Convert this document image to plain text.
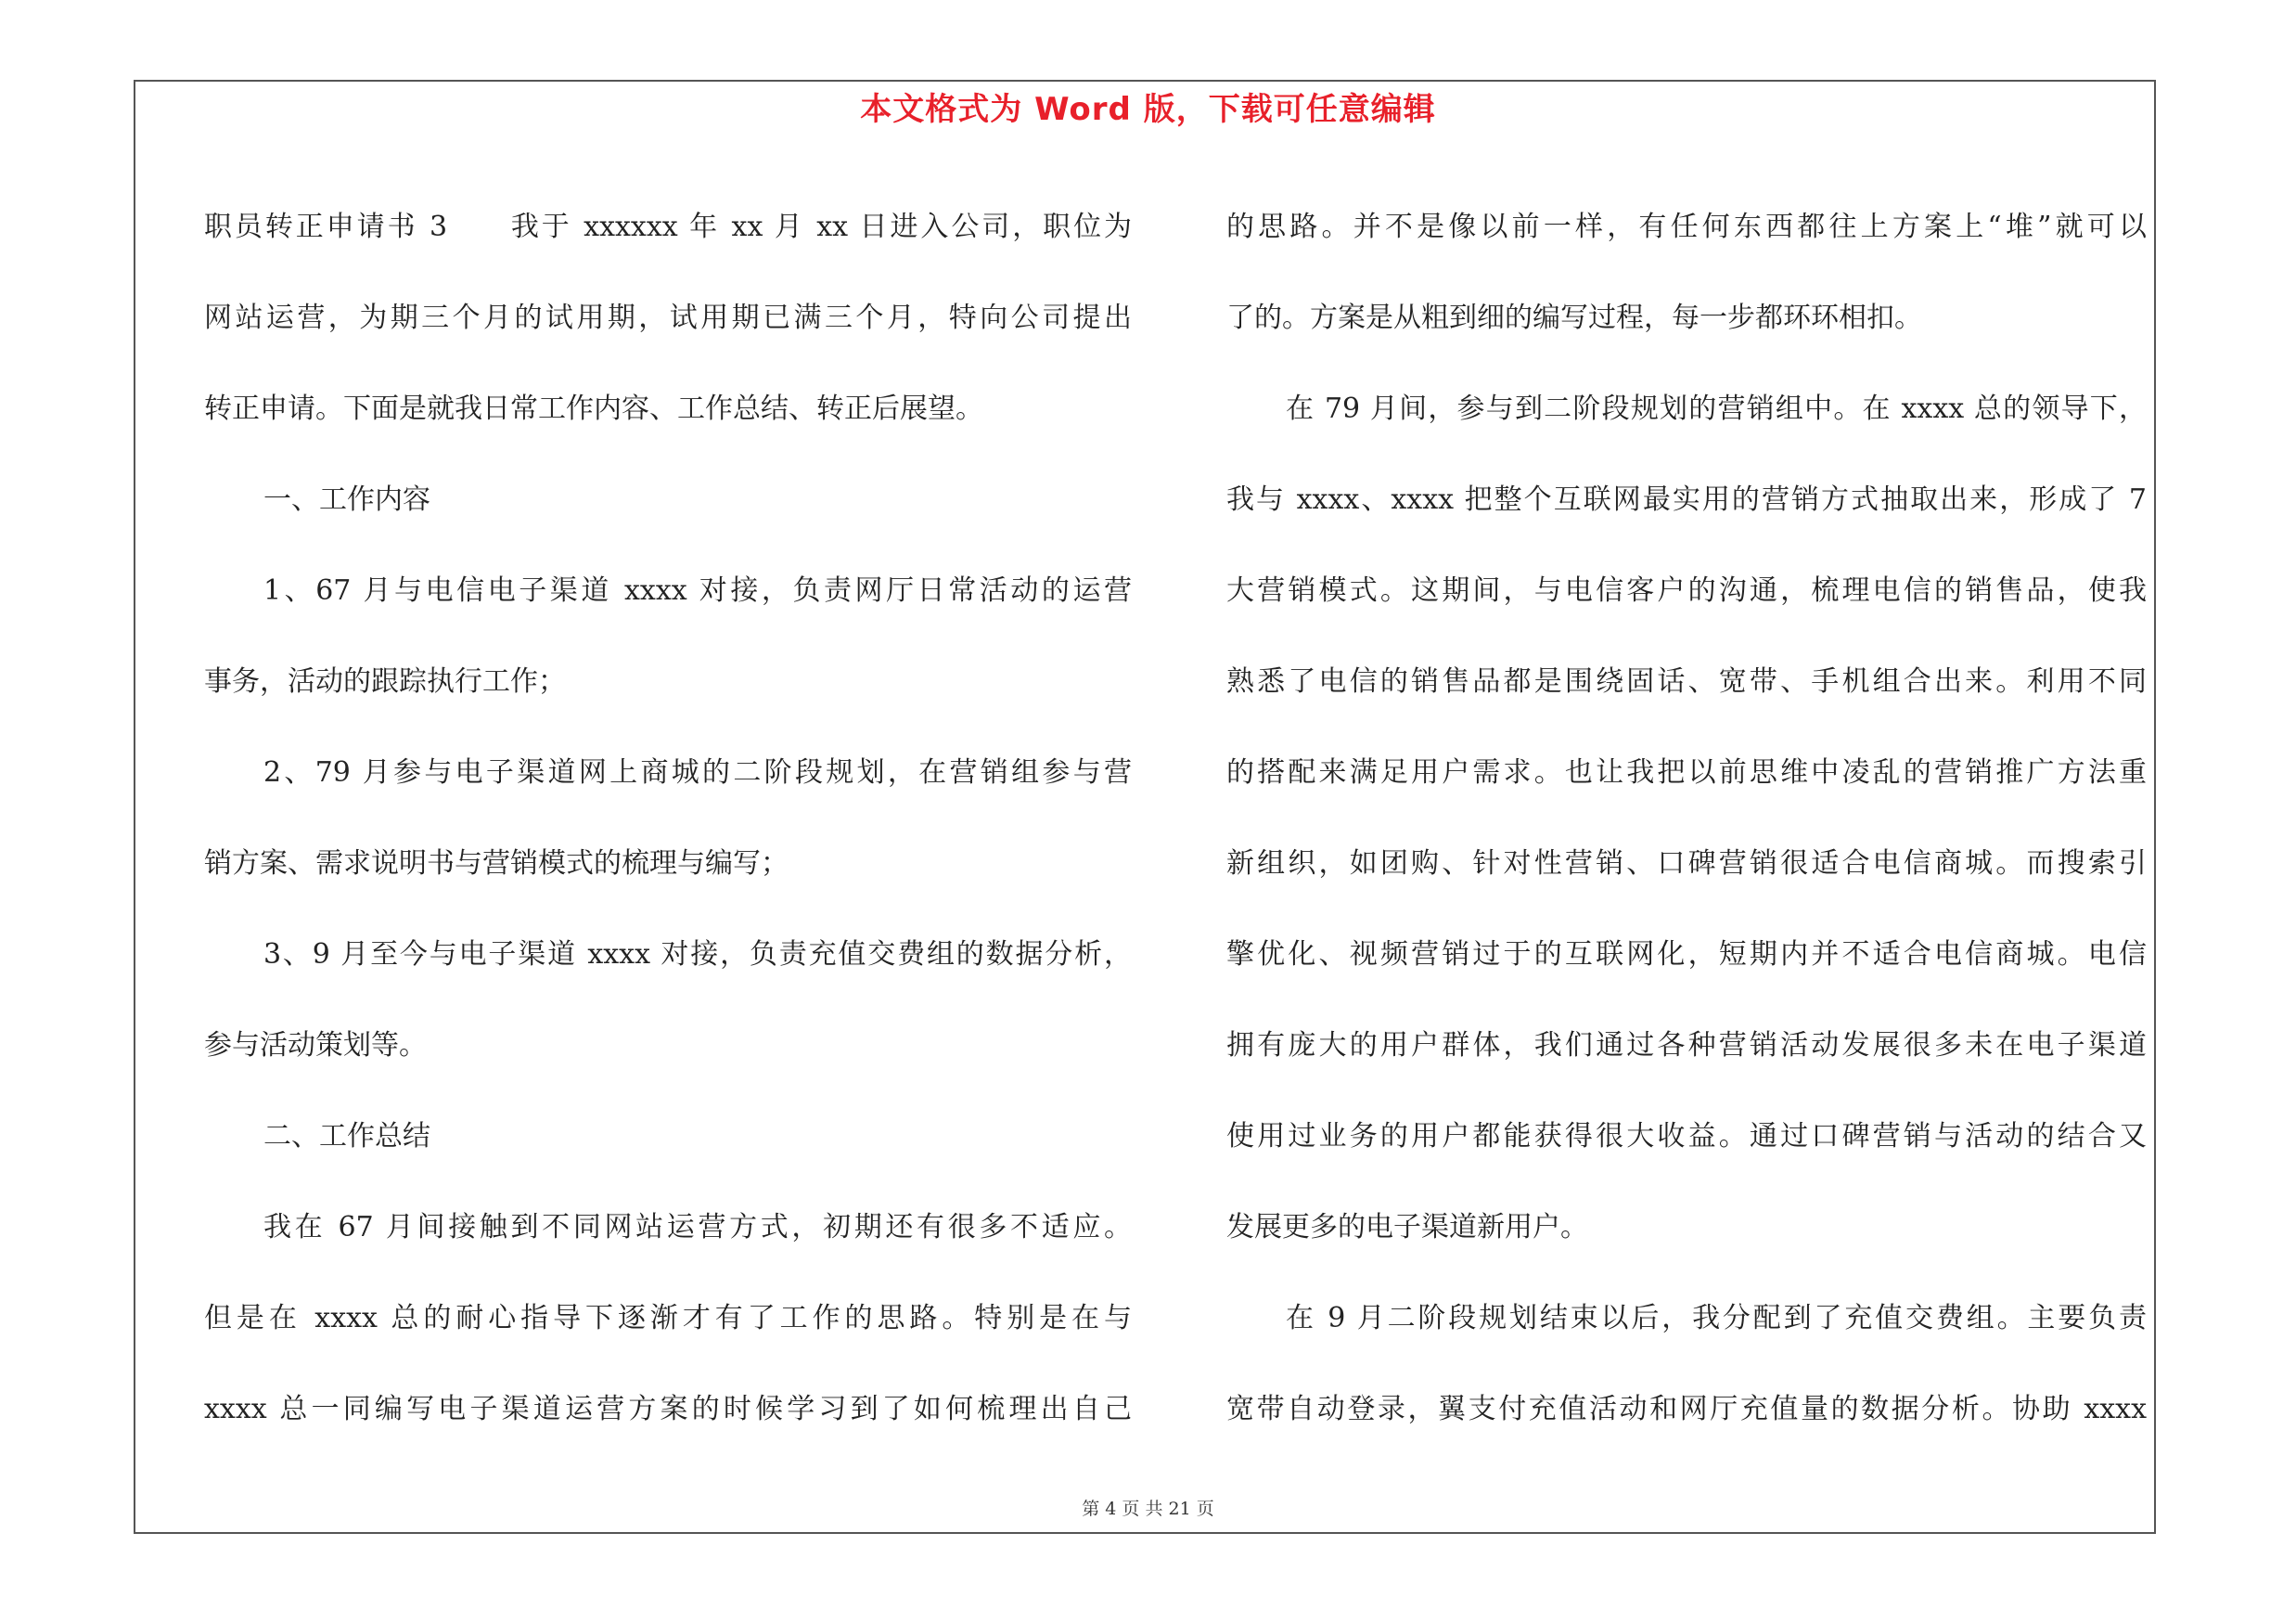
本文格式为 Word 版，下载可任意编辑
职员转正申请书 3　　我于 xxxxxx 年 xx 月 xx 日进入公司，职位为
网站运营，为期三个月的试用期，试用期已满三个月，特向公司提出
转正申请。下面是就我日常工作内容、工作总结、转正后展望。
一、工作内容
1、67 月与电信电子渠道 xxxx 对接，负责网厅日常活动的运营
事务，活动的跟踪执行工作；
2、79 月参与电子渠道网上商城的二阶段规划，在营销组参与营
销方案、需求说明书与营销模式的梳理与编写；
3、9 月至今与电子渠道 xxxx 对接，负责充值交费组的数据分析，
参与活动策划等。
二、工作总结
我在 67 月间接触到不同网站运营方式，初期还有很多不适应。
但是在 xxxx 总的耐心指导下逐渐才有了工作的思路。特别是在与
xxxx 总一同编写电子渠道运营方案的时候学习到了如何梳理出自己
的思路。并不是像以前一样，有任何东西都往上方案上“堆”就可以
了的。方案是从粗到细的编写过程，每一步都环环相扣。
在 79 月间，参与到二阶段规划的营销组中。在 xxxx 总的领导下，
我与 xxxx、xxxx 把整个互联网最实用的营销方式抽取出来，形成了 7
大营销模式。这期间，与电信客户的沟通，梳理电信的销售品，使我
熟悉了电信的销售品都是围绕固话、宽带、手机组合出来。利用不同
的搭配来满足用户需求。也让我把以前思维中凌乱的营销推广方法重
新组织，如团购、针对性营销、口碑营销很适合电信商城。而搜索引
擎优化、视频营销过于的互联网化，短期内并不适合电信商城。电信
拥有庞大的用户群体，我们通过各种营销活动发展很多未在电子渠道
使用过业务的用户都能获得很大收益。通过口碑营销与活动的结合又
发展更多的电子渠道新用户。
在 9 月二阶段规划结束以后，我分配到了充值交费组。主要负责
宽带自动登录，翼支付充值活动和网厅充值量的数据分析。协助 xxxx
第 4 页 共 21 页
